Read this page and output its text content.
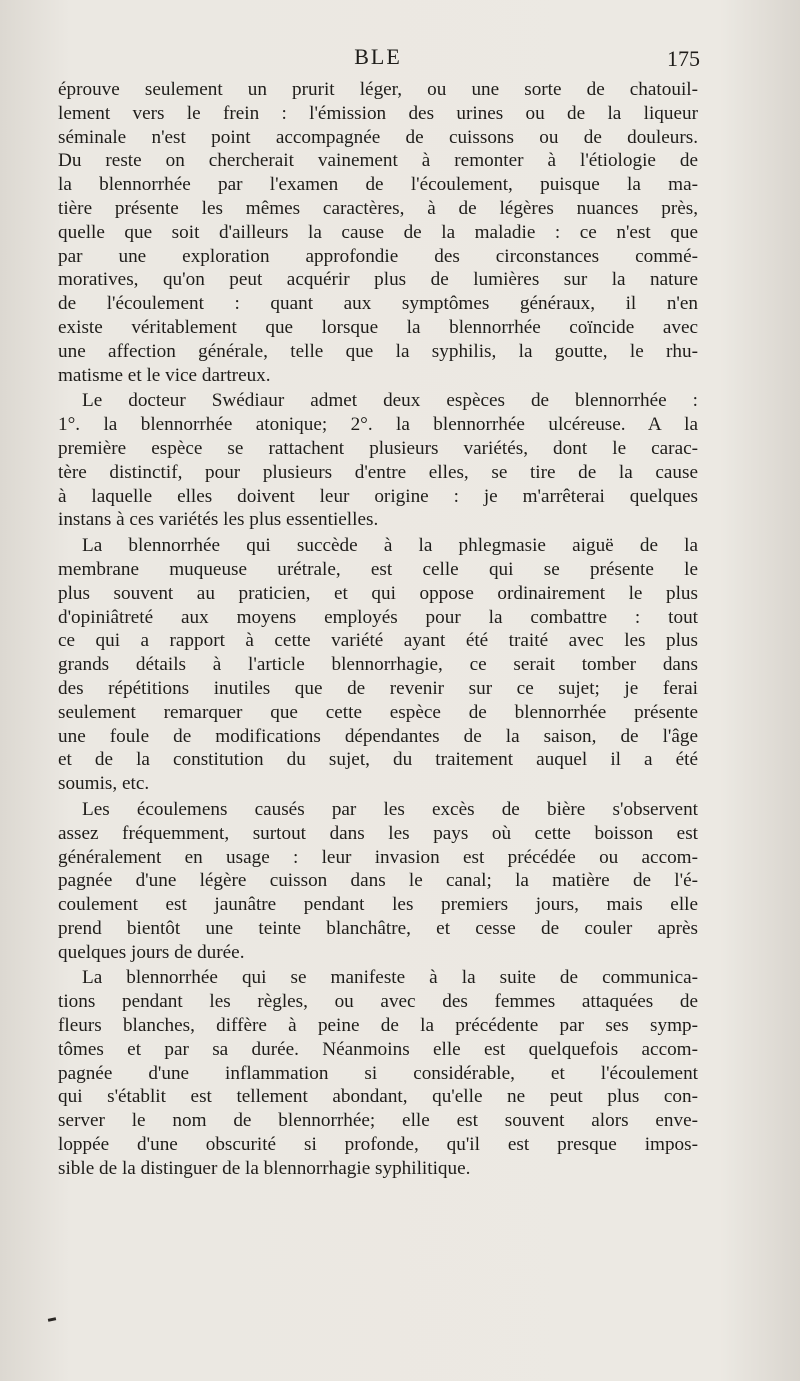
BLE	175
éprouve seulement un prurit léger, ou une sorte de chatouil-
lement vers le frein : l'émission des urines ou de la liqueur
séminale n'est point accompagnée de cuissons ou de douleurs.
Du reste on chercherait vainement à remonter à l'étiologie de
la blennorrhée par l'examen de l'écoulement, puisque la ma-
tière présente les mêmes caractères, à de légères nuances près,
quelle que soit d'ailleurs la cause de la maladie : ce n'est que
par une exploration approfondie des circonstances commé-
moratives, qu'on peut acquérir plus de lumières sur la nature
de l'écoulement : quant aux symptômes généraux, il n'en
existe véritablement que lorsque la blennorrhée coïncide avec
une affection générale, telle que la syphilis, la goutte, le rhu-
matisme et le vice dartreux.
Le docteur Swédiaur admet deux espèces de blennorrhée :
1°. la blennorrhée atonique; 2°. la blennorrhée ulcéreuse. A la
première espèce se rattachent plusieurs variétés, dont le carac-
tère distinctif, pour plusieurs d'entre elles, se tire de la cause
à laquelle elles doivent leur origine : je m'arrêterai quelques
instans à ces variétés les plus essentielles.
La blennorrhée qui succède à la phlegmasie aiguë de la
membrane muqueuse urétrale, est celle qui se présente le
plus souvent au praticien, et qui oppose ordinairement le plus
d'opiniâtreté aux moyens employés pour la combattre : tout
ce qui a rapport à cette variété ayant été traité avec les plus
grands détails à l'article blennorrhagie, ce serait tomber dans
des répétitions inutiles que de revenir sur ce sujet; je ferai
seulement remarquer que cette espèce de blennorrhée présente
une foule de modifications dépendantes de la saison, de l'âge
et de la constitution du sujet, du traitement auquel il a été
soumis, etc.
Les écoulemens causés par les excès de bière s'observent
assez fréquemment, surtout dans les pays où cette boisson est
généralement en usage : leur invasion est précédée ou accom-
pagnée d'une légère cuisson dans le canal; la matière de l'é-
coulement est jaunâtre pendant les premiers jours, mais elle
prend bientôt une teinte blanchâtre, et cesse de couler après
quelques jours de durée.
La blennorrhée qui se manifeste à la suite de communica-
tions pendant les règles, ou avec des femmes attaquées de
fleurs blanches, diffère à peine de la précédente par ses symp-
tômes et par sa durée. Néanmoins elle est quelquefois accom-
pagnée d'une inflammation si considérable, et l'écoulement
qui s'établit est tellement abondant, qu'elle ne peut plus con-
server le nom de blennorrhée; elle est souvent alors enve-
loppée d'une obscurité si profonde, qu'il est presque impos-
sible de la distinguer de la blennorrhagie syphilitique.
